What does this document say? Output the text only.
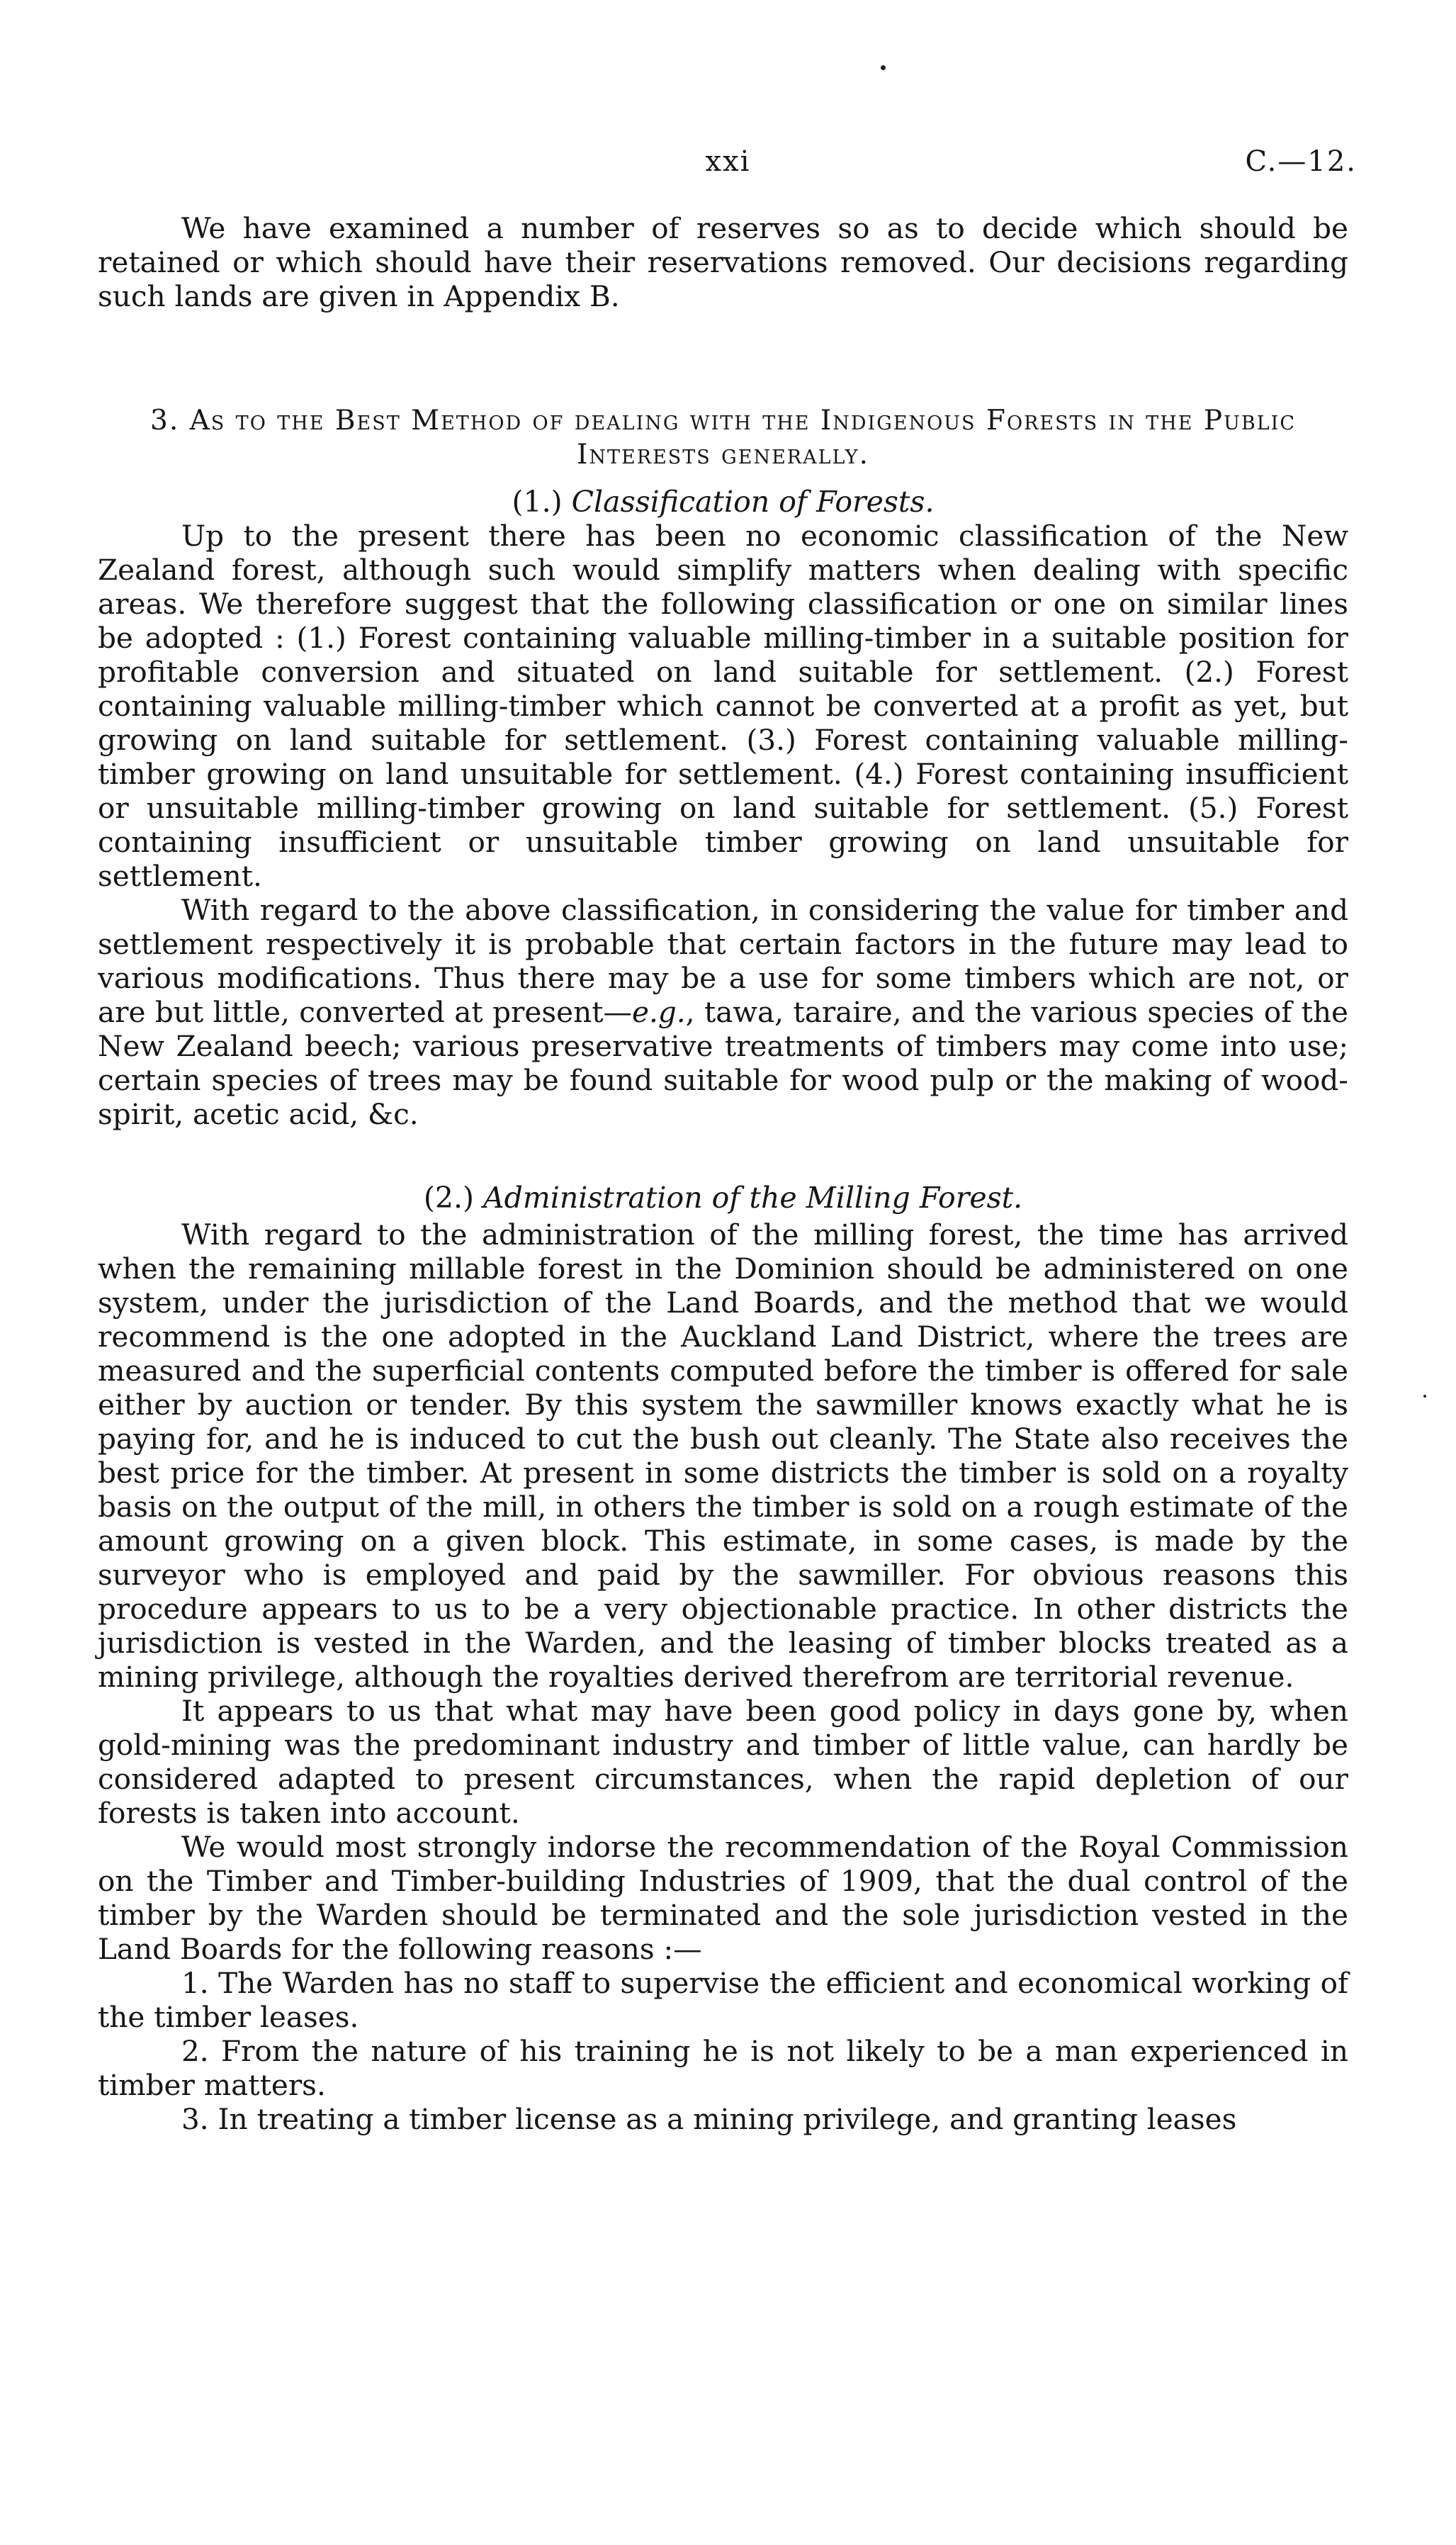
xxi	C.—12.

We have examined a number of reserves so as to decide which should be retained or which should have their reservations removed. Our decisions regarding such lands are given in Appendix B.

3. As to the Best Method of dealing with the Indigenous Forests in the Public Interests generally.
(1.) Classification of Forests.

Up to the present there has been no economic classification of the New Zealand forest, although such would simplify matters when dealing with specific areas. We therefore suggest that the following classification or one on similar lines be adopted : (1.) Forest containing valuable milling-timber in a suitable position for profitable conversion and situated on land suitable for settlement. (2.) Forest containing valuable milling-timber which cannot be converted at a profit as yet, but growing on land suitable for settlement. (3.) Forest containing valuable milling-timber growing on land unsuitable for settlement. (4.) Forest containing insufficient or unsuitable milling-timber growing on land suitable for settlement. (5.) Forest containing insufficient or unsuitable timber growing on land unsuitable for settlement.

With regard to the above classification, in considering the value for timber and settlement respectively it is probable that certain factors in the future may lead to various modifications. Thus there may be a use for some timbers which are not, or are but little, converted at present—e.g., tawa, taraire, and the various species of the New Zealand beech; various preservative treatments of timbers may come into use; certain species of trees may be found suitable for wood pulp or the making of wood-spirit, acetic acid, &c.

(2.) Administration of the Milling Forest.

With regard to the administration of the milling forest, the time has arrived when the remaining millable forest in the Dominion should be administered on one system, under the jurisdiction of the Land Boards, and the method that we would recommend is the one adopted in the Auckland Land District, where the trees are measured and the superficial contents computed before the timber is offered for sale either by auction or tender. By this system the sawmiller knows exactly what he is paying for, and he is induced to cut the bush out cleanly. The State also receives the best price for the timber. At present in some districts the timber is sold on a royalty basis on the output of the mill, in others the timber is sold on a rough estimate of the amount growing on a given block. This estimate, in some cases, is made by the surveyor who is employed and paid by the sawmiller. For obvious reasons this procedure appears to us to be a very objectionable practice. In other districts the jurisdiction is vested in the Warden, and the leasing of timber blocks treated as a mining privilege, although the royalties derived therefrom are territorial revenue.

It appears to us that what may have been good policy in days gone by, when gold-mining was the predominant industry and timber of little value, can hardly be considered adapted to present circumstances, when the rapid depletion of our forests is taken into account.

We would most strongly indorse the recommendation of the Royal Commission on the Timber and Timber-building Industries of 1909, that the dual control of the timber by the Warden should be terminated and the sole jurisdiction vested in the Land Boards for the following reasons :—

1. The Warden has no staff to supervise the efficient and economical working of the timber leases.

2. From the nature of his training he is not likely to be a man experienced in timber matters.

3. In treating a timber license as a mining privilege, and granting leases
